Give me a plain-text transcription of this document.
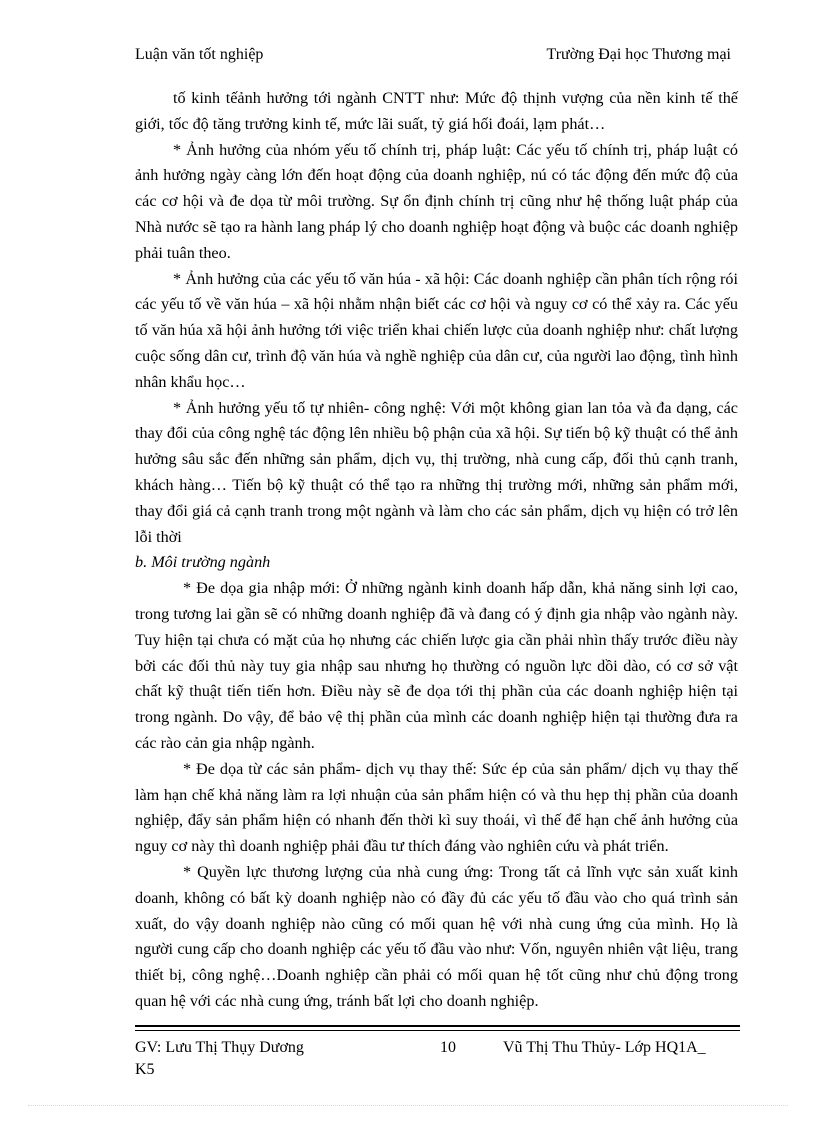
Luận văn tốt nghiệp	Trường Đại học Thương mại

tố kinh tếảnh hưởng tới ngành CNTT như: Mức độ thịnh vượng của nền kinh tế thế giới, tốc độ tăng trưởng kinh tế, mức lãi suất, tỷ giá hối đoái, lạm phát…

* Ảnh hưởng của nhóm yếu tố chính trị, pháp luật: Các yếu tố chính trị, pháp luật có ảnh hưởng ngày càng lớn đến hoạt động của doanh nghiệp, nú có tác động đến mức độ của các cơ hội và đe dọa từ môi trường. Sự ổn định chính trị cũng như hệ thống luật pháp của Nhà nước sẽ tạo ra hành lang pháp lý cho doanh nghiệp hoạt động và buộc các doanh nghiệp phải tuân theo.

* Ảnh hưởng của các yếu tố văn húa - xã hội: Các doanh nghiệp cần phân tích rộng rói các yếu tố về văn húa – xã hội nhằm nhận biết các cơ hội và nguy cơ có thể xảy ra. Các yếu tố văn húa xã hội ảnh hưởng tới việc triển khai chiến lược của doanh nghiệp như: chất lượng cuộc sống dân cư, trình độ văn húa và nghề nghiệp của dân cư, của người lao động, tình hình nhân khẩu học…

* Ảnh hưởng yếu tố tự nhiên- công nghệ: Với một không gian lan tỏa và đa dạng, các thay đổi của công nghệ tác động lên nhiều bộ phận của xã hội. Sự tiến bộ kỹ thuật có thể ảnh hưởng sâu sắc đến những sản phẩm, dịch vụ, thị trường, nhà cung cấp, đối thủ cạnh tranh, khách hàng… Tiến bộ kỹ thuật có thể tạo ra những thị trường mới, những sản phẩm mới, thay đổi giá cả cạnh tranh trong một ngành và làm cho các sản phẩm, dịch vụ hiện có trở lên lỗi thời

b. Môi trường ngành

* Đe dọa gia nhập mới: Ở những ngành kinh doanh hấp dẫn, khả năng sinh lợi cao, trong tương lai gần sẽ có những doanh nghiệp đã và đang có ý định gia nhập vào ngành này. Tuy hiện tại chưa có mặt của họ nhưng các chiến lược gia cần phải nhìn thấy trước điều này bởi các đối thủ này tuy gia nhập sau nhưng họ thường có nguồn lực dồi dào, có cơ sở vật chất kỹ thuật tiến tiến hơn. Điều này sẽ đe dọa tới thị phần của các doanh nghiệp hiện tại trong ngành. Do vậy, để bảo vệ thị phần của mình các doanh nghiệp hiện tại thường đưa ra các rào cản gia nhập ngành.

* Đe dọa từ các sản phẩm- dịch vụ thay thế: Sức ép của sản phẩm/ dịch vụ thay thế làm hạn chế khả năng làm ra lợi nhuận của sản phẩm hiện có và thu hẹp thị phần của doanh nghiệp, đẩy sản phẩm hiện có nhanh đến thời kì suy thoái, vì thế để hạn chế ảnh hưởng của nguy cơ này thì doanh nghiệp phải đầu tư thích đáng vào nghiên cứu và phát triển.

* Quyền lực thương lượng của nhà cung ứng: Trong tất cả lĩnh vực sản xuất kinh doanh, không có bất kỳ doanh nghiệp nào có đầy đủ các yếu tố đầu vào cho quá trình sản xuất, do vậy doanh nghiệp nào cũng có mối quan hệ với nhà cung ứng của mình. Họ là người cung cấp cho doanh nghiệp các yếu tố đầu vào như: Vốn, nguyên nhiên vật liệu, trang thiết bị, công nghệ…Doanh nghiệp cần phải có mối quan hệ tốt cũng như chủ động trong quan hệ với các nhà cung ứng, tránh bất lợi cho doanh nghiệp.

GV: Lưu Thị Thụy Dương	10	Vũ Thị Thu Thủy- Lớp HQ1A_
K5
